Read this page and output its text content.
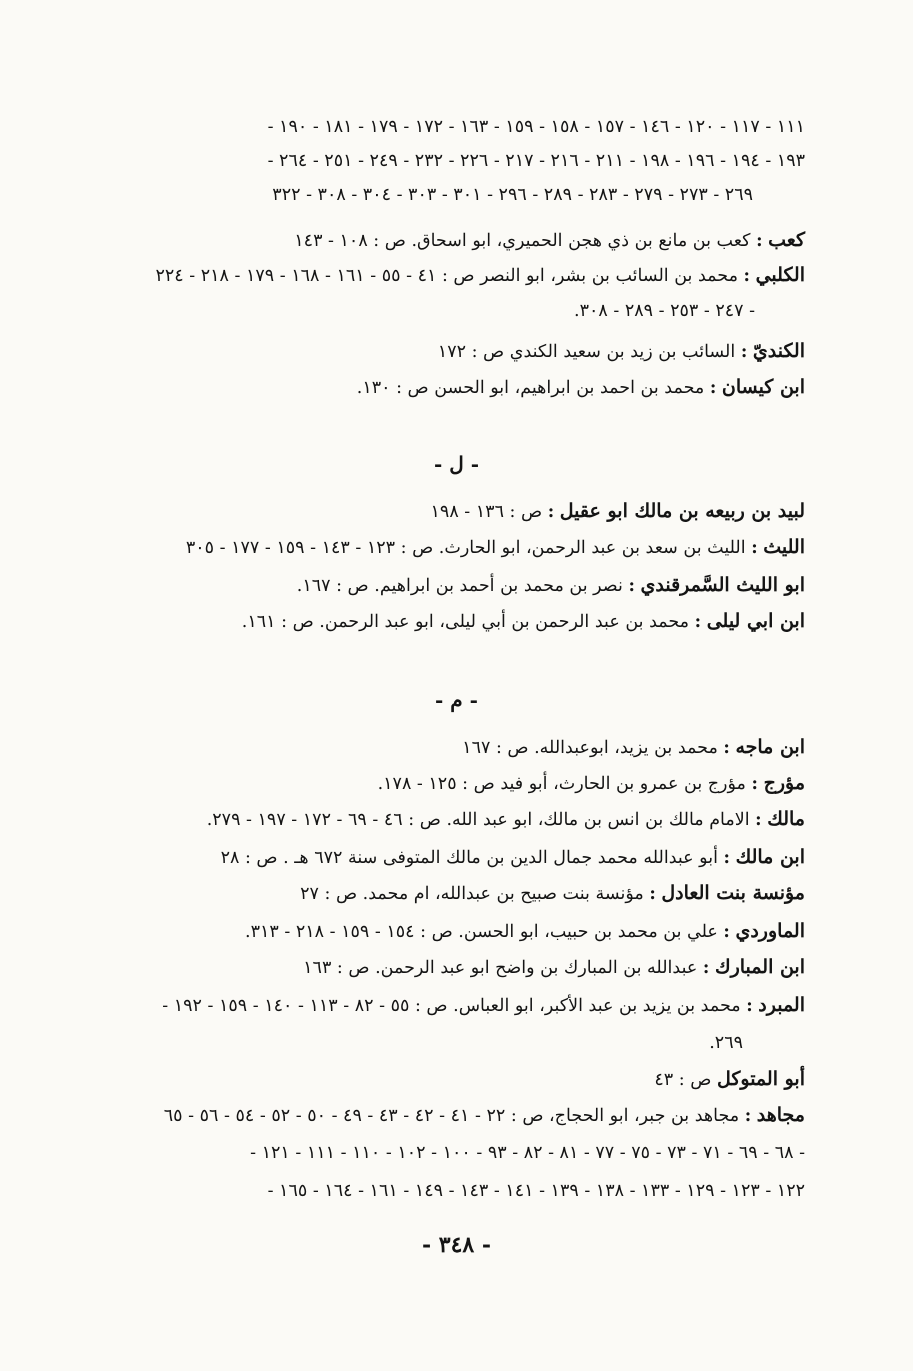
١١١ - ١١٧ - ١٢٠ - ١٤٦ - ١٥٧ - ١٥٨ - ١٥٩ - ١٦٣ - ١٧٢ - ١٧٩ - ١٨١ - ١٩٠ -
١٩٣ - ١٩٤ - ١٩٦ - ١٩٨ - ٢١١ - ٢١٦ - ٢١٧ - ٢٢٦ - ٢٣٢ - ٢٤٩ - ٢٥١ - ٢٦٤ -
٢٦٩ - ٢٧٣ - ٢٧٩ - ٢٨٣ - ٢٨٩ - ٢٩٦ - ٣٠١ - ٣٠٣ - ٣٠٤ - ٣٠٨ - ٣٢٢
كعب : كعب بن مانع بن ذي هجن الحميري، ابو اسحاق. ص : ١٠٨ - ١٤٣
الكلبي : محمد بن السائب بن بشر، ابو النصر ص : ٤١ - ٥٥ - ١٦١ - ١٦٨ - ١٧٩ - ٢١٨ - ٢٢٤
- ٢٤٧ - ٢٥٣ - ٢٨٩ - ٣٠٨.
الكنديّ : السائب بن زيد بن سعيد الكندي ص : ١٧٢
ابن كيسان : محمد بن احمد بن ابراهيم، ابو الحسن ص : ١٣٠.
- ل -
لبيد بن ربيعه بن مالك ابو عقيل : ص : ١٣٦ - ١٩٨
الليث : الليث بن سعد بن عبد الرحمن، ابو الحارث. ص : ١٢٣ - ١٤٣ - ١٥٩ - ١٧٧ - ٣٠٥
ابو الليث السَّمرقندي : نصر بن محمد بن أحمد بن ابراهيم. ص : ١٦٧.
ابن ابي ليلى : محمد بن عبد الرحمن بن أبي ليلى، ابو عبد الرحمن. ص : ١٦١.
- م -
ابن ماجه : محمد بن يزيد، ابوعبدالله. ص : ١٦٧
مؤرج : مؤرج بن عمرو بن الحارث، أبو فيد ص : ١٢٥ - ١٧٨.
مالك : الامام مالك بن انس بن مالك، ابو عبد الله. ص : ٤٦ - ٦٩ - ١٧٢ - ١٩٧ - ٢٧٩.
ابن مالك : أبو عبدالله محمد جمال الدين بن مالك المتوفى سنة ٦٧٢ هـ . ص : ٢٨
مؤنسة بنت العادل : مؤنسة بنت صبيح بن عبدالله، ام محمد. ص : ٢٧
الماوردي : علي بن محمد بن حبيب، ابو الحسن. ص : ١٥٤ - ١٥٩ - ٢١٨ - ٣١٣.
ابن المبارك : عبدالله بن المبارك بن واضح ابو عبد الرحمن. ص : ١٦٣
المبرد : محمد بن يزيد بن عبد الأكبر، ابو العباس. ص : ٥٥ - ٨٢ - ١١٣ - ١٤٠ - ١٥٩ - ١٩٢ -
٢٦٩.
أبو المتوكل ص : ٤٣
مجاهد : مجاهد بن جبر، ابو الحجاج، ص : ٢٢ - ٤١ - ٤٢ - ٤٣ - ٤٩ - ٥٠ - ٥٢ - ٥٤ - ٥٦ - ٦٥
- ٦٨ - ٦٩ - ٧١ - ٧٣ - ٧٥ - ٧٧ - ٨١ - ٨٢ - ٩٣ - ١٠٠ - ١٠٢ - ١١٠ - ١١١ - ١٢١ -
١٢٢ - ١٢٣ - ١٢٩ - ١٣٣ - ١٣٨ - ١٣٩ - ١٤١ - ١٤٣ - ١٤٩ - ١٦١ - ١٦٤ - ١٦٥ -
- ٣٤٨ -
